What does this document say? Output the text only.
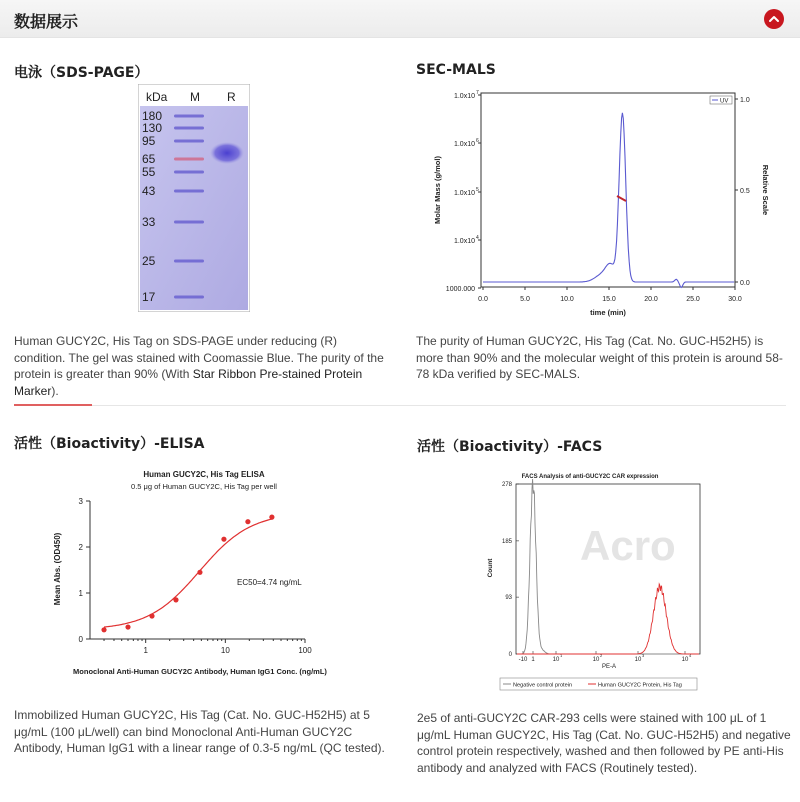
数据展示
电泳（SDS-PAGE）
kDa M R
180
130
95
65
55
43
33
25
17
Human GUCY2C, His Tag on SDS-PAGE under reducing (R) condition. The gel was stained with Coomassie Blue. The purity of the protein is greater than 90% (With Star Ribbon Pre-stained Protein Marker).
SEC-MALS
Molar Mass (g/mol)	Relative Scale
time (min)
1.0x10 7
1.0x10 6
1.0x10 5
1.0x10 4
1000.000
1.0
0.5
0.0
0.0	5.0	10.0	15.0	20.0	25.0	30.0
UV
The purity of Human GUCY2C, His Tag (Cat. No. GUC-H52H5) is more than 90% and the molecular weight of this protein is around 58-78 kDa verified by SEC-MALS.
活性（Bioactivity）-ELISA
Human GUCY2C, His Tag ELISA
0.5 μg of Human GUCY2C, His Tag per well
Mean Abs. (OD450)
Monoclonal Anti-Human GUCY2C Antibody, Human IgG1 Conc. (ng/mL)
EC50=4.74 ng/mL
0
1
2
3
1	10	100
Immobilized Human GUCY2C, His Tag (Cat. No. GUC-H52H5) at 5 μg/mL (100 μL/well) can bind Monoclonal Anti-Human GUCY2C Antibody, Human IgG1 with a linear range of 0.3-5 ng/mL (QC tested).
活性（Bioactivity）-FACS
FACS Analysis of anti-GUCY2C CAR expression
Acro
Count
PE-A
0
93
185
278
-10 1	10
1
10
2
10
3
10
4
Negative control protein	Human GUCY2C Protein, His Tag
2e5 of anti-GUCY2C CAR-293 cells were stained with 100 μL of 1 μg/mL Human GUCY2C, His Tag (Cat. No. GUC-H52H5) and negative control protein respectively, washed and then followed by PE anti-His antibody and analyzed with FACS (Routinely tested).
